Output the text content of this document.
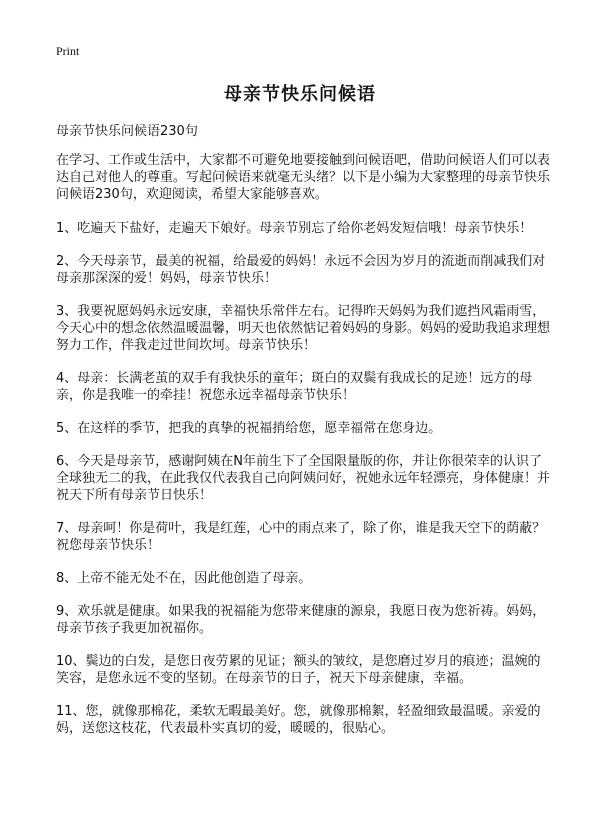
Print
母亲节快乐问候语

母亲节快乐问候语230句

在学习、工作或生活中，大家都不可避免地要接触到问候语吧，借助问候语人们可以表达自己对他人的尊重。写起问候语来就毫无头绪？以下是小编为大家整理的母亲节快乐问候语230句，欢迎阅读，希望大家能够喜欢。

1、吃遍天下盐好，走遍天下娘好。母亲节别忘了给你老妈发短信哦！母亲节快乐！

2、今天母亲节，最美的祝福，给最爱的妈妈！永远不会因为岁月的流逝而削减我们对母亲那深深的爱！妈妈，母亲节快乐！

3、我要祝愿妈妈永远安康，幸福快乐常伴左右。记得昨天妈妈为我们遮挡风霜雨雪，今天心中的想念依然温暖温馨，明天也依然惦记着妈妈的身影。妈妈的爱助我追求理想努力工作，伴我走过世间坎坷。母亲节快乐！

4、母亲：长满老茧的双手有我快乐的童年；斑白的双鬓有我成长的足迹！远方的母亲，你是我唯一的牵挂！祝您永远幸福母亲节快乐！

5、在这样的季节，把我的真挚的祝福捎给您，愿幸福常在您身边。

6、今天是母亲节，感谢阿姨在N年前生下了全国限量版的你，并让你很荣幸的认识了全球独无二的我，在此我仅代表我自己向阿姨问好，祝她永远年轻漂亮，身体健康！并祝天下所有母亲节日快乐！

7、母亲呵！你是荷叶，我是红莲，心中的雨点来了，除了你，谁是我天空下的荫蔽？祝您母亲节快乐！

8、上帝不能无处不在，因此他创造了母亲。

9、欢乐就是健康。如果我的祝福能为您带来健康的源泉，我愿日夜为您祈祷。妈妈，母亲节孩子我更加祝福你。

10、鬓边的白发，是您日夜劳累的见证；额头的皱纹，是您磨过岁月的痕迹；温婉的笑容，是您永远不变的坚韧。在母亲节的日子，祝天下母亲健康，幸福。

11、您，就像那棉花，柔软无暇最美好。您，就像那棉絮，轻盈细致最温暖。亲爱的妈，送您这枝花，代表最朴实真切的爱，暖暖的，很贴心。
